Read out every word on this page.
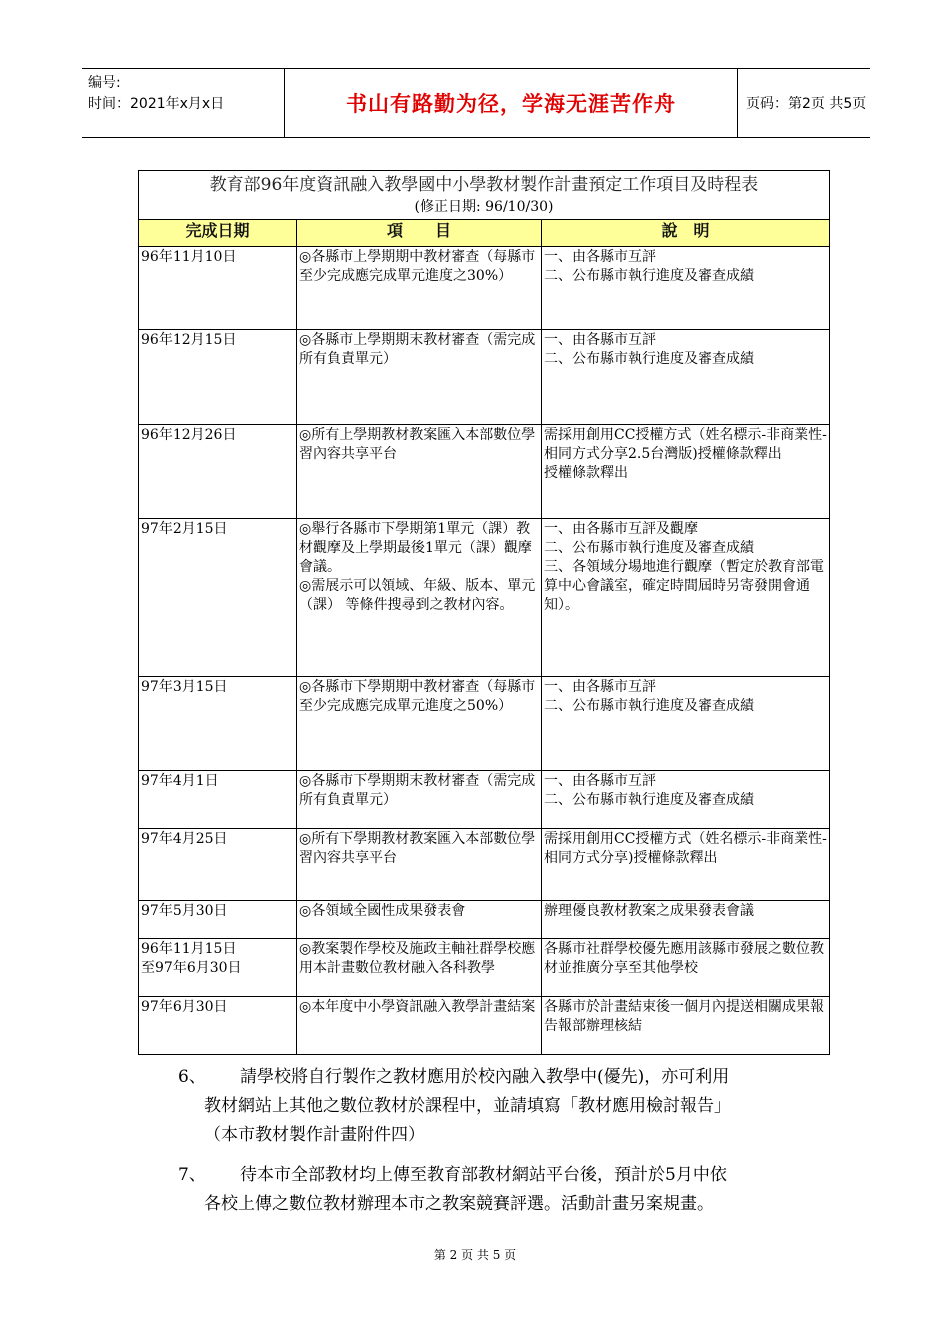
编号:
时间：2021年x月x日	书山有路勤为径，学海无涯苦作舟	页码：第2页 共5页
教育部96年度資訊融入教學國中小學教材製作計畫預定工作項目及時程表
(修正日期: 96/10/30)		

完成日期	項　　目	說　明
96年11月10日	◎各縣市上學期期中教材審查（每縣市至少完成應完成單元進度之30%）	一、由各縣市互評
二、公布縣市執行進度及審查成績
96年12月15日	◎各縣市上學期期末教材審查（需完成所有負責單元）	一、由各縣市互評
二、公布縣市執行進度及審查成績
96年12月26日	◎所有上學期教材教案匯入本部數位學習內容共享平台	需採用創用CC授權方式（姓名標示-非商業性-相同方式分享2.5台灣版)授權條款釋出
授權條款釋出
97年2月15日	◎舉行各縣市下學期第1單元（課）教材觀摩及上學期最後1單元（課）觀摩會議。
◎需展示可以領域、年級、版本、單元（課） 等條件搜尋到之教材內容。	一、由各縣市互評及觀摩
二、公布縣市執行進度及審查成績
三、各領域分場地進行觀摩（暫定於教育部電算中心會議室，確定時間屆時另寄發開會通知）。
97年3月15日	◎各縣市下學期期中教材審查（每縣市至少完成應完成單元進度之50%）	一、由各縣市互評
二、公布縣市執行進度及審查成績
97年4月1日	◎各縣市下學期期末教材審查（需完成所有負責單元）	一、由各縣市互評
二、公布縣市執行進度及審查成績
97年4月25日	◎所有下學期教材教案匯入本部數位學習內容共享平台	需採用創用CC授權方式（姓名標示-非商業性-相同方式分享)授權條款釋出
97年5月30日	◎各領域全國性成果發表會	辦理優良教材教案之成果發表會議
96年11月15日
至97年6月30日	◎教案製作學校及施政主軸社群學校應用本計畫數位教材融入各科教學	各縣市社群學校優先應用該縣市發展之數位教材並推廣分享至其他學校
97年6月30日	◎本年度中小學資訊融入教學計畫結案	各縣市於計畫結束後一個月內提送相關成果報告報部辦理核結
6、 請學校將自行製作之教材應用於校內融入教學中(優先)，亦可利用
教材網站上其他之數位教材於課程中，並請填寫「教材應用檢討報告」
（本市教材製作計畫附件四）
7、 待本市全部教材均上傳至教育部教材網站平台後，預計於5月中依
各校上傳之數位教材辦理本市之教案競賽評選。活動計畫另案規畫。
第 2 页 共 5 页
